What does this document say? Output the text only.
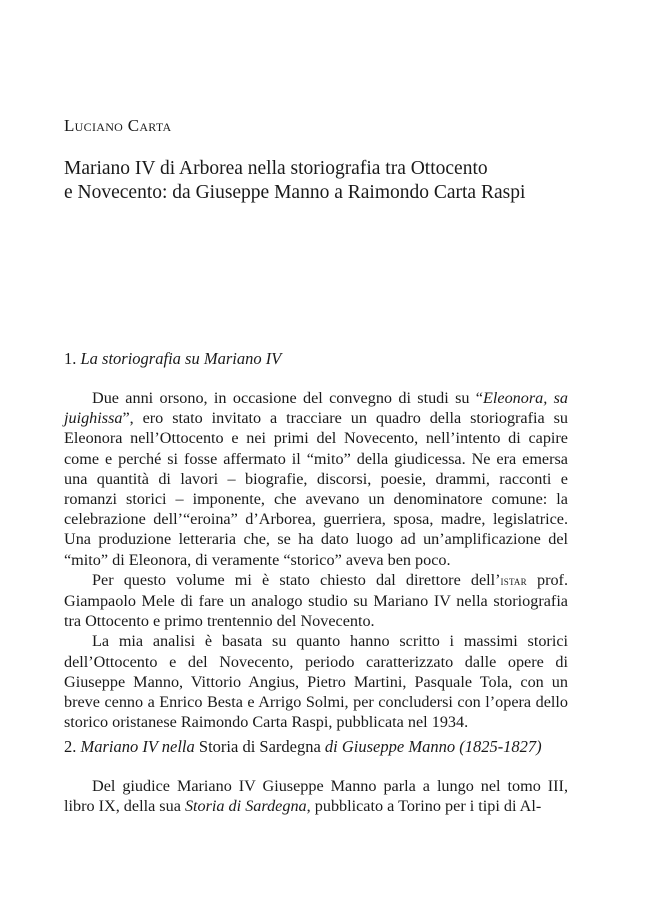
Luciano Carta
Mariano IV di Arborea nella storiografia tra Ottocento
e Novecento: da Giuseppe Manno a Raimondo Carta Raspi
1. La storiografia su Mariano IV

Due anni orsono, in occasione del convegno di studi su “Eleonora, sa juighissa”, ero stato invitato a tracciare un quadro della storiografia su Eleonora nell’Ottocento e nei primi del Novecento, nell’intento di capire come e perché si fosse affermato il “mito” della giudicessa. Ne era emersa una quantità di lavori – biografie, discorsi, poesie, drammi, racconti e romanzi storici – imponente, che avevano un denominatore comune: la celebrazione dell’“eroina” d’Arborea, guerriera, sposa, madre, legislatrice. Una produzione letteraria che, se ha dato luogo ad un’amplificazione del “mito” di Eleonora, di veramente “storico” aveva ben poco.

Per questo volume mi è stato chiesto dal direttore dell’istar prof. Giampaolo Mele di fare un analogo studio su Mariano IV nella storiografia tra Ottocento e primo trentennio del Novecento.

La mia analisi è basata su quanto hanno scritto i massimi storici dell’Ottocento e del Novecento, periodo caratterizzato dalle opere di Giuseppe Manno, Vittorio Angius, Pietro Martini, Pasquale Tola, con un breve cenno a Enrico Besta e Arrigo Solmi, per concludersi con l’opera dello storico oristanese Raimondo Carta Raspi, pubblicata nel 1934.

2. Mariano IV nella Storia di Sardegna di Giuseppe Manno (1825-1827)

Del giudice Mariano IV Giuseppe Manno parla a lungo nel tomo III, libro IX, della sua Storia di Sardegna, pubblicato a Torino per i tipi di Al-
